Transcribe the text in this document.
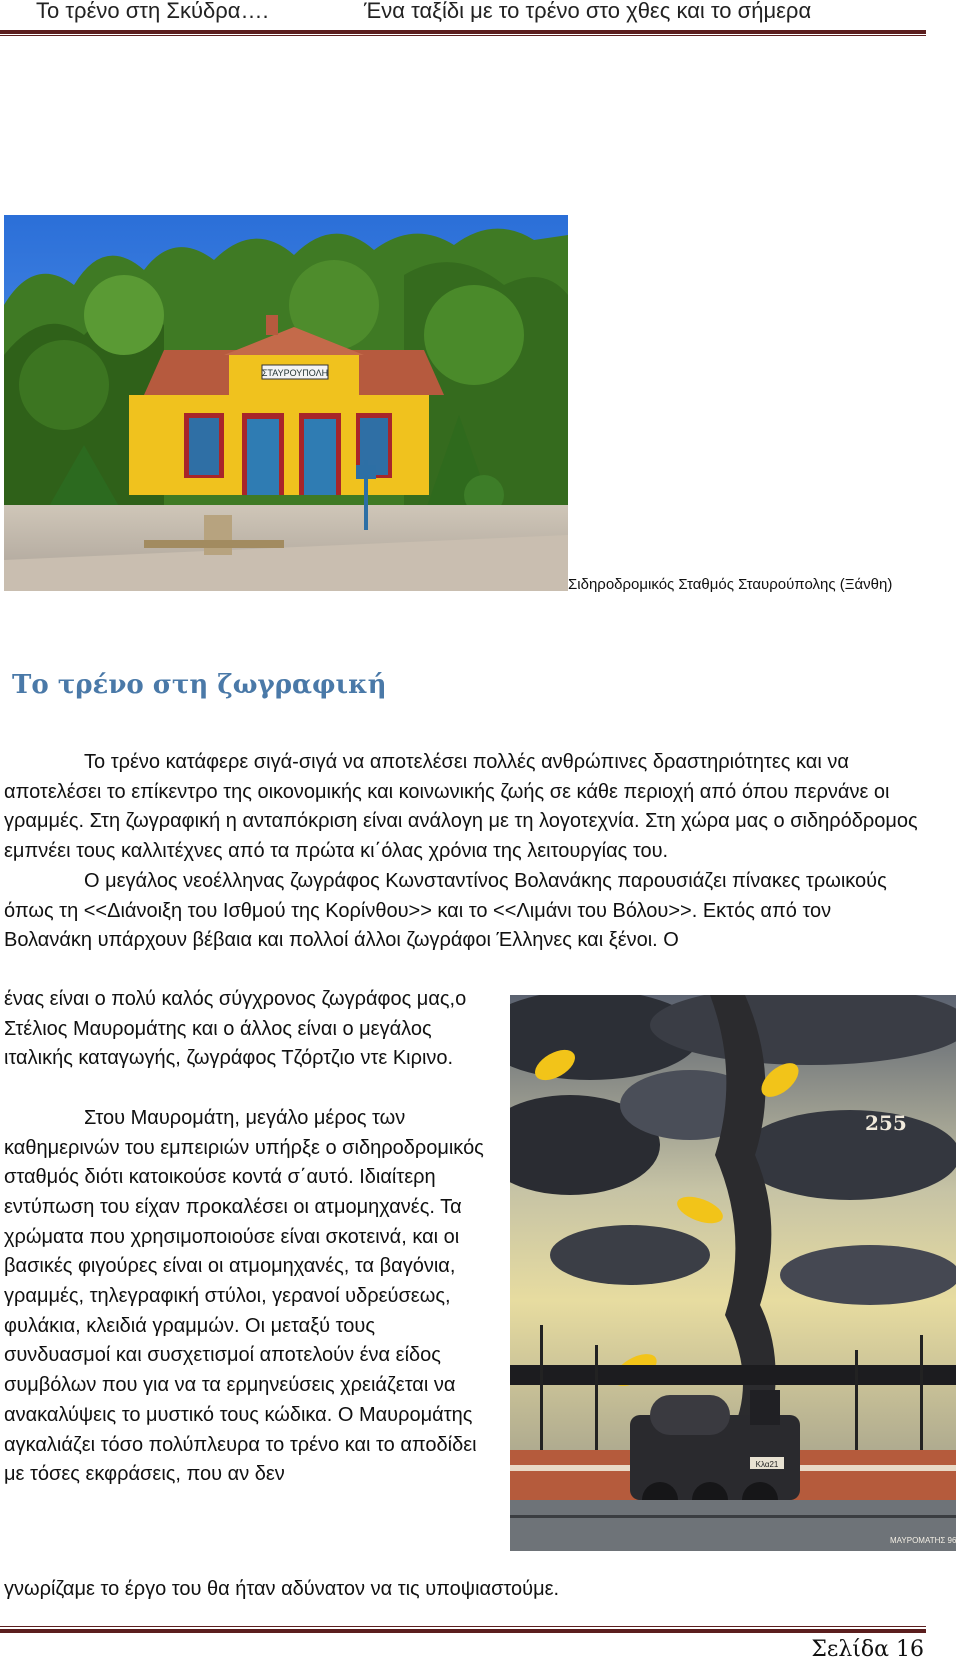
Το τρένο στη Σκύδρα….	Ένα ταξίδι με το τρένο στο χθες και το σήμερα
ΣΤΑΥΡΟΥΠΟΛΗ
Σιδηροδρομικός Σταθμός Σταυρούπολης (Ξάνθη)
Το τρένο στη ζωγραφική

Το τρένο κατάφερε σιγά-σιγά να αποτελέσει πολλές ανθρώπινες δραστηριότητες και να αποτελέσει το επίκεντρο της οικονομικής και κοινωνικής ζωής σε κάθε περιοχή από όπου περνάνε οι γραμμές. Στη ζωγραφική η ανταπόκριση είναι ανάλογη με τη λογοτεχνία. Στη χώρα μας ο σιδηρόδρομος εμπνέει τους καλλιτέχνες από τα πρώτα κι΄όλας χρόνια της λειτουργίας του.

Ο μεγάλος νεοέλληνας ζωγράφος Κωνσταντίνος Βολανάκης παρουσιάζει πίνακες τρωικούς όπως τη <<Διάνοιξη του Ισθμού της Κορίνθου>> και το <<Λιμάνι του Βόλου>>. Εκτός από τον Βολανάκη υπάρχουν βέβαια και πολλοί άλλοι ζωγράφοι Έλληνες και ξένοι. Ο

ένας είναι ο πολύ καλός σύγχρονος ζωγράφος μας,ο Στέλιος Μαυρομάτης και ο άλλος είναι ο μεγάλος ιταλικής καταγωγής, ζωγράφος Τζόρτζιο ντε Κιρινο.

Στου Μαυρομάτη, μεγάλο μέρος των καθημερινών του εμπειριών υπήρξε ο σιδηροδρομικός σταθμός διότι κατοικούσε κοντά σ΄αυτό. Ιδιαίτερη εντύπωση του είχαν προκαλέσει οι ατμομηχανές. Τα χρώματα που χρησιμοποιούσε είναι σκοτεινά, και οι βασικές φιγούρες είναι οι ατμομηχανές, τα βαγόνια, γραμμές, τηλεγραφική στύλοι, γερανοί υδρεύσεως, φυλάκια, κλειδιά γραμμών. Οι μεταξύ τους συνδυασμοί και συσχετισμοί αποτελούν ένα είδος συμβόλων που για να τα ερμηνεύσεις χρειάζεται να ανακαλύψεις το μυστικό τους κώδικα. Ο Μαυρομάτης αγκαλιάζει τόσο πολύπλευρα το τρένο και το αποδίδει με τόσες εκφράσεις, που αν δεν

γνωρίζαμε το έργο του θα ήταν αδύνατον να τις υποψιαστούμε.
255
Κλα21
ΜΑΥΡΟΜΑΤΗΣ 96
Σελίδα 16
